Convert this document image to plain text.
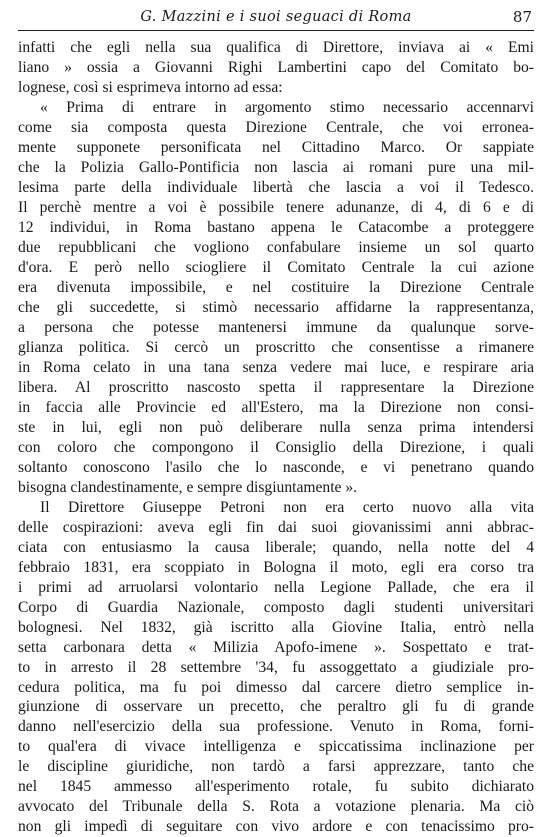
G. Mazzini e i suoi seguaci di Roma	87
infatti che egli nella sua qualifica di Direttore, inviava ai « Emi
liano » ossia a Giovanni Righi Lambertini capo del Comitato bo-
lognese, così si esprimeva intorno ad essa:
« Prima di entrare in argomento stimo necessario accennarvi
come sia composta questa Direzione Centrale, che voi erronea-
mente supponete personificata nel Cittadino Marco. Or sappiate
che la Polizia Gallo-Pontificia non lascia ai romani pure una mil-
lesima parte della individuale libertà che lascia a voi il Tedesco.
Il perchè mentre a voi è possibile tenere adunanze, di 4, di 6 e di
12 individui, in Roma bastano appena le Catacombe a proteggere
due repubblicani che vogliono confabulare insieme un sol quarto
d'ora. E però nello sciogliere il Comitato Centrale la cui azione
era divenuta impossibile, e nel costituire la Direzione Centrale
che gli succedette, si stimò necessario affidarne la rappresentanza,
a persona che potesse mantenersi immune da qualunque sorve-
glianza politica. Si cercò un proscritto che consentisse a rimanere
in Roma celato in una tana senza vedere mai luce, e respirare aria
libera. Al proscritto nascosto spetta il rappresentare la Direzione
in faccia alle Provincie ed all'Estero, ma la Direzione non consi-
ste in lui, egli non può deliberare nulla senza prima intendersi
con coloro che compongono il Consiglio della Direzione, i quali
soltanto conoscono l'asilo che lo nasconde, e vi penetrano quando
bisogna clandestinamente, e sempre disgiuntamente ».
Il Direttore Giuseppe Petroni non era certo nuovo alla vita
delle cospirazioni: aveva egli fin dai suoi giovanissimi anni abbrac-
ciata con entusiasmo la causa liberale; quando, nella notte del 4
febbraio 1831, era scoppiato in Bologna il moto, egli era corso tra
i primi ad arruolarsi volontario nella Legione Pallade, che era il
Corpo di Guardia Nazionale, composto dagli studenti universitari
bolognesi. Nel 1832, già iscritto alla Giovine Italia, entrò nella
setta carbonara detta « Milizia Apofo-imene ». Sospettato e trat-
to in arresto il 28 settembre '34, fu assoggettato a giudiziale pro-
cedura politica, ma fu poi dimesso dal carcere dietro semplice in-
giunzione di osservare un precetto, che peraltro gli fu di grande
danno nell'esercizio della sua professione. Venuto in Roma, forni-
to qual'era di vivace intelligenza e spiccatissima inclinazione per
le discipline giuridiche, non tardò a farsi apprezzare, tanto che
nel 1845 ammesso all'esperimento rotale, fu subito dichiarato
avvocato del Tribunale della S. Rota a votazione plenaria. Ma ciò
non gli impedì di seguitare con vivo ardore e con tenacissimo pro-
